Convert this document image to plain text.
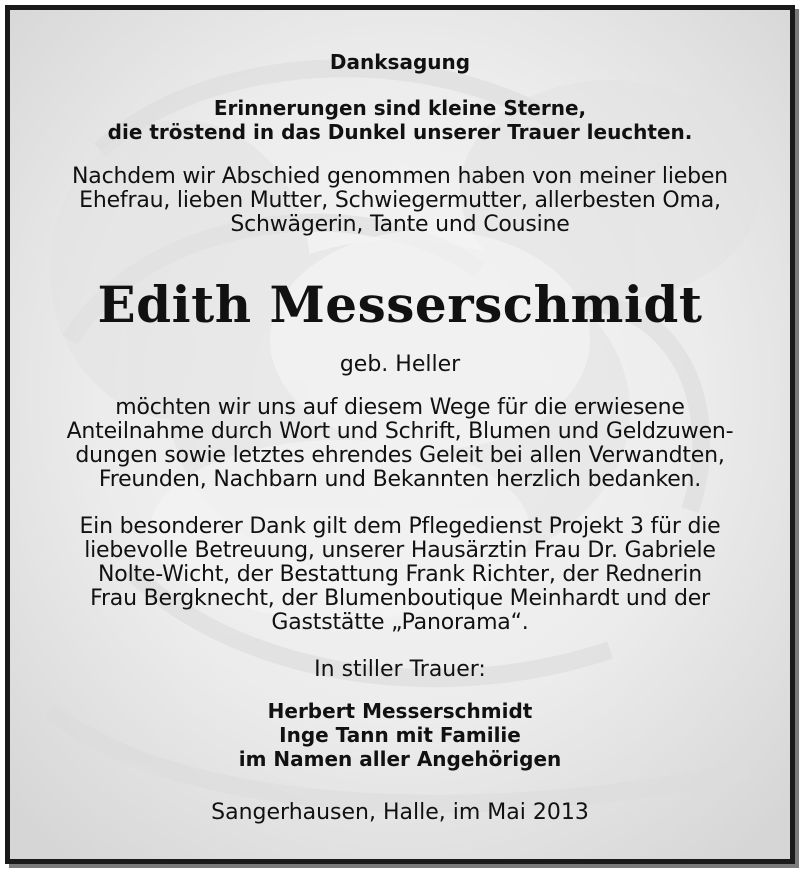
Danksagung
Erinnerungen sind kleine Sterne,
die tröstend in das Dunkel unserer Trauer leuchten.
Nachdem wir Abschied genommen haben von meiner lieben
Ehefrau, lieben Mutter, Schwiegermutter, allerbesten Oma,
Schwägerin, Tante und Cousine
Edith Messerschmidt
geb. Heller
möchten wir uns auf diesem Wege für die erwiesene
Anteilnahme durch Wort und Schrift, Blumen und Geldzuwen-
dungen sowie letztes ehrendes Geleit bei allen Verwandten,
Freunden, Nachbarn und Bekannten herzlich bedanken.
Ein besonderer Dank gilt dem Pflegedienst Projekt 3 für die
liebevolle Betreuung, unserer Hausärztin Frau Dr. Gabriele
Nolte-Wicht, der Bestattung Frank Richter, der Rednerin
Frau Bergknecht, der Blumenboutique Meinhardt und der
Gaststätte „Panorama“.
In stiller Trauer:
Herbert Messerschmidt
Inge Tann mit Familie
im Namen aller Angehörigen
Sangerhausen, Halle, im Mai 2013
